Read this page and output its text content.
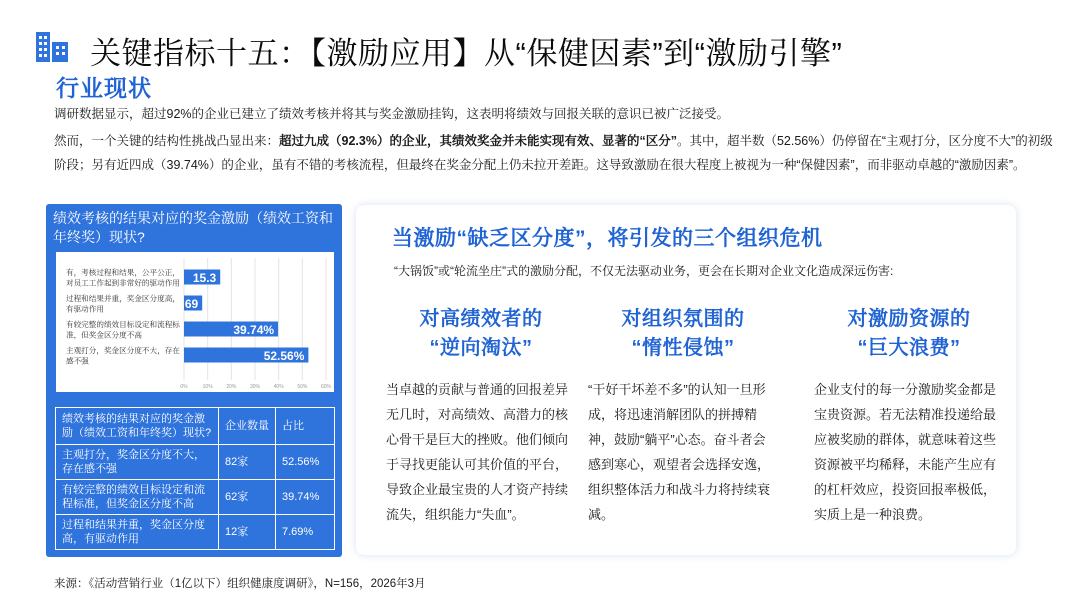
关键指标十五：【激励应用】从“保健因素”到“激励引擎”
行业现状
调研数据显示，超过92%的企业已建立了绩效考核并将其与奖金激励挂钩，这表明将绩效与回报关联的意识已被广泛接受。
然而，一个关键的结构性挑战凸显出来：超过九成（92.3%）的企业，其绩效奖金并未能实现有效、显著的“区分”。其中，超半数（52.56%）仍停留在“主观打分，区分度不大”的初级阶段；另有近四成（39.74%）的企业，虽有不错的考核流程，但最终在奖金分配上仍未拉开差距。这导致激励在很大程度上被视为一种“保健因素”，而非驱动卓越的“激励因素”。
绩效考核的结果对应的奖金激励（绩效工资和年终奖）现状?
0%	10%	20%	30%	40%	50%	60%
有，考核过程和结果，公平公正，
对员工工作起到非常好的驱动作用 15.3
过程和结果并重，奖金区分度高，
有驱动作用	7.69
有较完整的绩效目标设定和流程标
准，但奖金区分度不高	39.74%
主观打分，奖金区分度不大，存在
感不强	52.56%
绩效考核的结果对应的奖金激励（绩效工资和年终奖）现状?	企业数量	占比
主观打分，奖金区分度不大，存在感不强	82家	52.56%
有较完整的绩效目标设定和流程标准，但奖金区分度不高	62家	39.74%
过程和结果并重，奖金区分度高，有驱动作用	12家	7.69%
当激励“缺乏区分度”，将引发的三个组织危机
“大锅饭”或“轮流坐庄”式的激励分配，不仅无法驱动业务，更会在长期对企业文化造成深远伤害:
对高绩效者的
“逆向淘汰”
当卓越的贡献与普通的回报差异无几时，对高绩效、高潜力的核心骨干是巨大的挫败。他们倾向于寻找更能认可其价值的平台，导致企业最宝贵的人才资产持续流失，组织能力“失血”。
对组织氛围的
“惰性侵蚀”
“干好干坏差不多”的认知一旦形成，将迅速消解团队的拼搏精神，鼓励“躺平”心态。奋斗者会感到寒心，观望者会选择安逸，组织整体活力和战斗力将持续衰减。
对激励资源的
“巨大浪费”
企业支付的每一分激励奖金都是宝贵资源。若无法精准投递给最应被奖励的群体，就意味着这些资源被平均稀释，未能产生应有的杠杆效应，投资回报率极低，实质上是一种浪费。
来源：《活动营销行业（1亿以下）组织健康度调研》，N=156，2026年3月
